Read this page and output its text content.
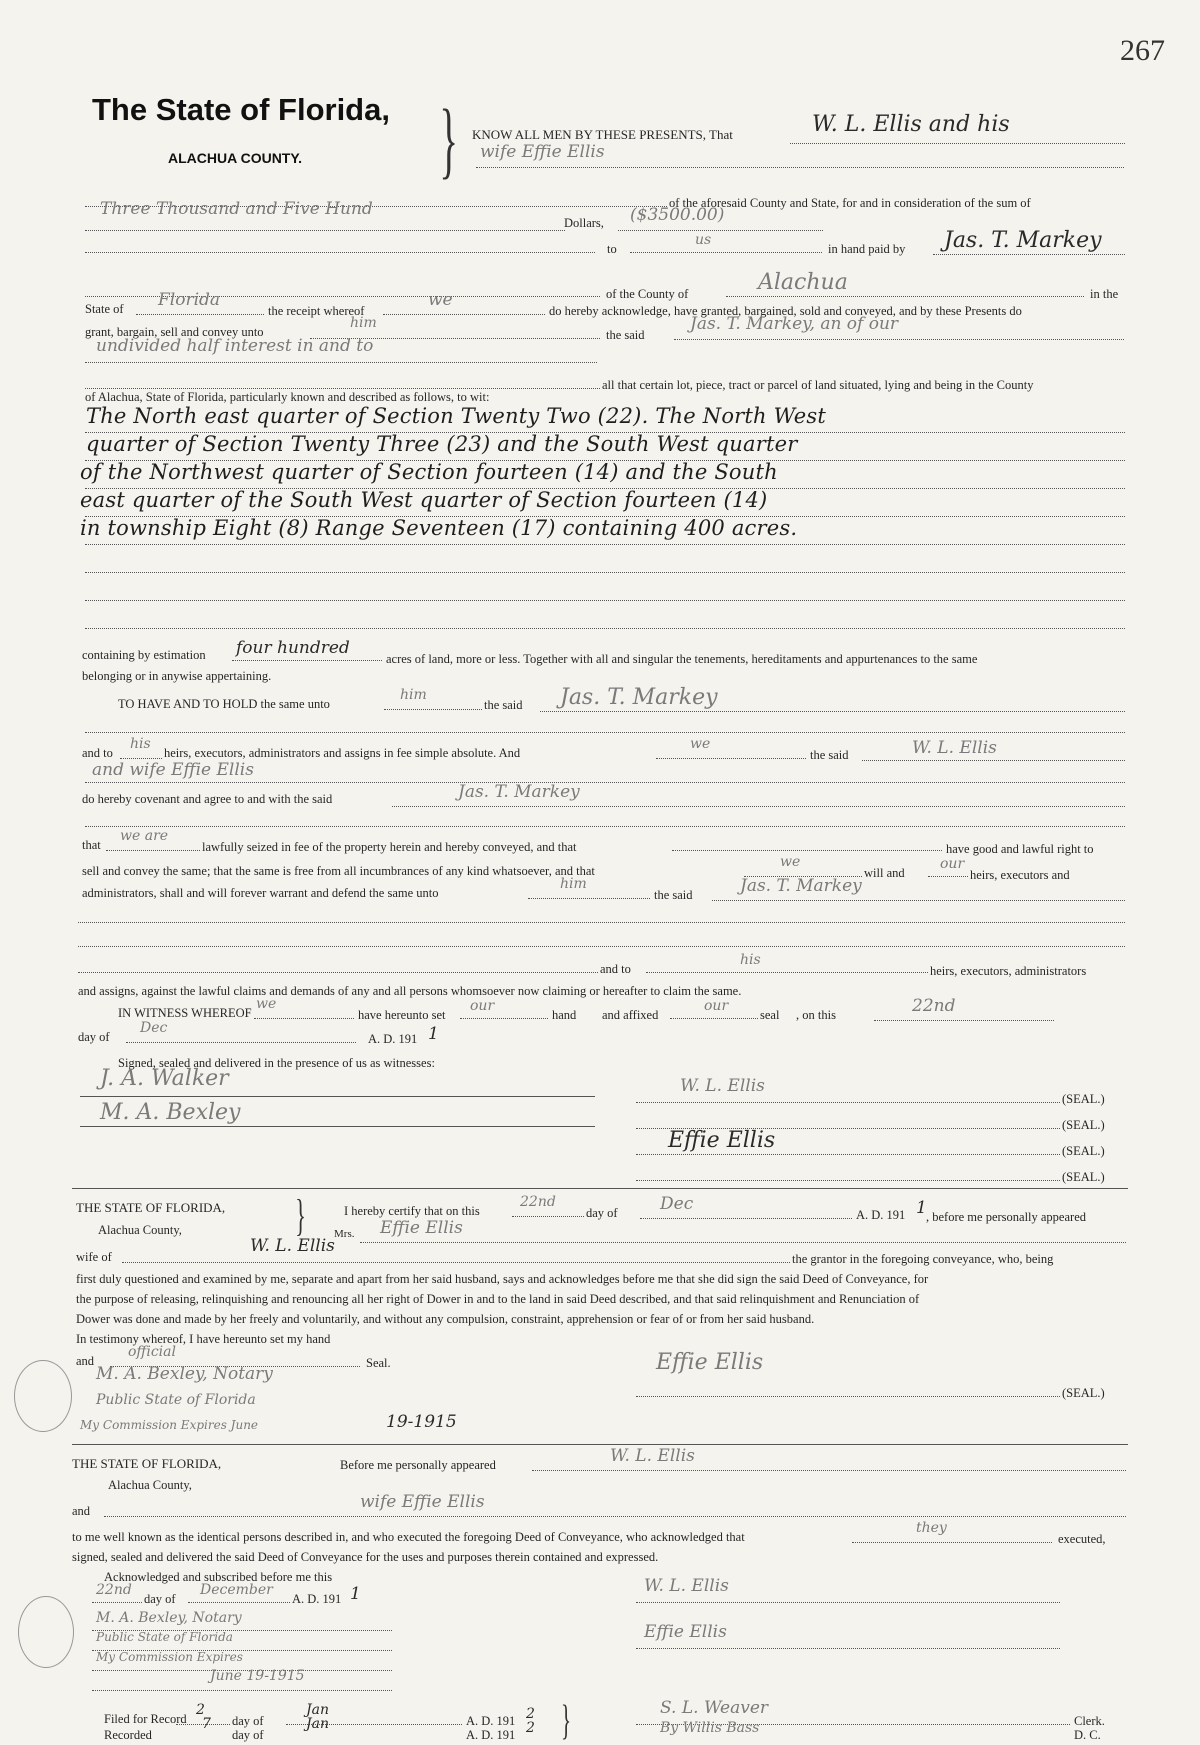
267
The State of Florida,
ALACHUA COUNTY. } KNOW ALL MEN BY THESE PRESENTS, That	W. L. Ellis and his
wife Effie Ellis
of the aforesaid County and State, for and in consideration of the sum of
Three Thousand and Five Hund
Dollars, ($3500.00)
to
us
in hand paid by Jas. T. Markey
of the County of	Alachua	in the
State of Florida
the receipt whereof
we
do hereby acknowledge, have granted, bargained, sold and conveyed, and by these Presents do
grant, bargain, sell and convey unto
him
the said
Jas. T. Markey, an of our
undivided half interest in and to
all that certain lot, piece, tract or parcel of land situated, lying and being in the County
of Alachua, State of Florida, particularly known and described as follows, to wit:
The North east quarter of Section Twenty Two (22). The North West
quarter of Section Twenty Three (23) and the South West quarter
of the Northwest quarter of Section fourteen (14) and the South
east quarter of the South West quarter of Section fourteen (14)
in township Eight (8) Range Seventeen (17) containing 400 acres.
containing by estimation four hundred
acres of land, more or less. Together with all and singular the tenements, hereditaments and appurtenances to the same
belonging or in anywise appertaining.
TO HAVE AND TO HOLD the same unto
him
the said Jas. T. Markey
and to
his
heirs, executors, administrators and assigns in fee simple absolute. And
we
the said	W. L. Ellis
and wife Effie Ellis
do hereby covenant and agree to and with the said	Jas. T. Markey
that
we are
lawfully seized in fee of the property herein and hereby conveyed, and that	have good and lawful right to
sell and convey the same; that the same is free from all incumbrances of any kind whatsoever, and that
we
will and
our
heirs, executors and
administrators, shall and will forever warrant and defend the same unto
him
the said	Jas. T. Markey
and to
his
heirs, executors, administrators
and assigns, against the lawful claims and demands of any and all persons whomsoever now claiming or hereafter to claim the same.
IN WITNESS WHEREOF
we
have hereunto set
our
hand and affixed
our
seal , on this	22nd
day of
Dec
A. D. 191 1
Signed, sealed and delivered in the presence of us as witnesses:
J. A. Walker
M. A. Bexley
W. L. Ellis
(SEAL.)
(SEAL.)
Effie Ellis	(SEAL.)
(SEAL.)
THE STATE OF FLORIDA,
Alachua County,	}	I hereby certify that on this
22nd
day of Dec
A. D. 191 1 , before me personally appeared
Mrs. Effie Ellis
wife of
W. L. Ellis
the grantor in the foregoing conveyance, who, being
first duly questioned and examined by me, separate and apart from her said husband, says and acknowledges before me that she did sign the said Deed of Conveyance, for
the purpose of releasing, relinquishing and renouncing all her right of Dower in and to the land in said Deed described, and that said relinquishment and Renunciation of
Dower was done and made by her freely and voluntarily, and without any compulsion, constraint, apprehension or fear of or from her said husband.
In testimony whereof, I have hereunto set my hand
and
official
Seal.
M. A. Bexley, Notary
Public State of Florida
My Commission Expires June	19-1915
Effie Ellis
(SEAL.)
THE STATE OF FLORIDA,
Alachua County,
Before me personally appeared	W. L. Ellis
and	wife Effie Ellis
to me well known as the identical persons described in, and who executed the foregoing Deed of Conveyance, who acknowledged that
they
executed,
signed, sealed and delivered the said Deed of Conveyance for the uses and purposes therein contained and expressed.
Acknowledged and subscribed before me this
22nd
day of
December
A. D. 191 1
M. A. Bexley, Notary
Public State of Florida
My Commission Expires
June 19-1915
W. L. Ellis
Effie Ellis
Filed for Record
2
day of
Jan
A. D. 191 2 }	S. L. Weaver
Clerk.
Recorded
7
day of
Jan
A. D. 191 2	By Willis Bass	D. C.
